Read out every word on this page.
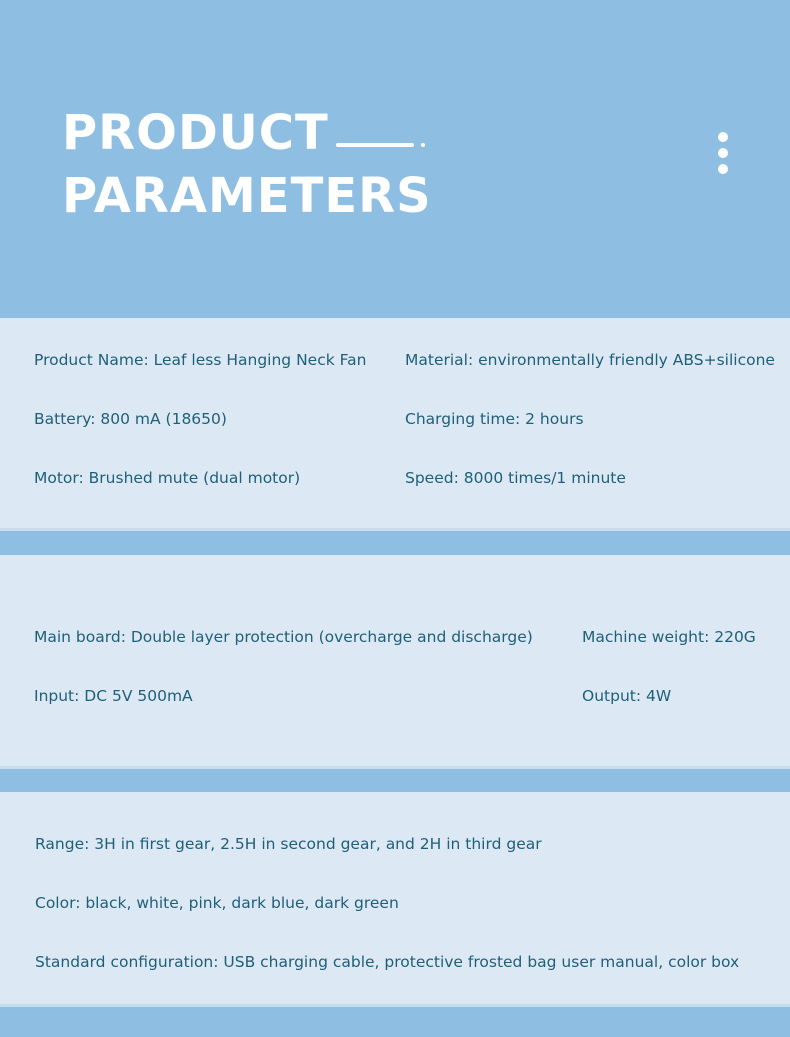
PRODUCT
PARAMETERS
Product Name: Leaf less Hanging Neck Fan Material: environmentally friendly ABS+silicone
Battery: 800 mA (18650)	Charging time: 2 hours
Motor: Brushed mute (dual motor)	Speed: 8000 times/1 minute
Main board: Double layer protection (overcharge and discharge)	Machine weight: 220G
Input: DC 5V 500mA	Output: 4W
Range: 3H in first gear, 2.5H in second gear, and 2H in third gear
Color: black, white, pink, dark blue, dark green
Standard configuration: USB charging cable, protective frosted bag user manual, color box
